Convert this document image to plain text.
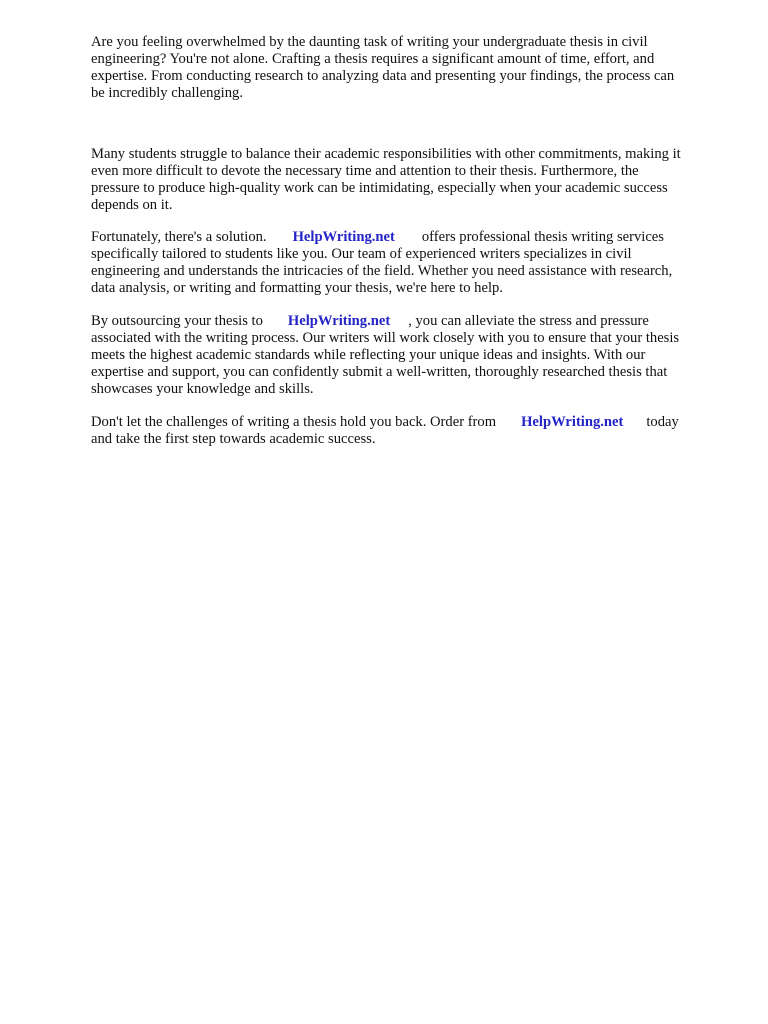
Are you feeling overwhelmed by the daunting task of writing your undergraduate thesis in civil
engineering? You're not alone. Crafting a thesis requires a significant amount of time, effort, and
expertise. From conducting research to analyzing data and presenting your findings, the process can
be incredibly challenging.
Many students struggle to balance their academic responsibilities with other commitments, making it
even more difficult to devote the necessary time and attention to their thesis. Furthermore, the
pressure to produce high-quality work can be intimidating, especially when your academic success
depends on it.
Fortunately, there's a solution. HelpWriting.net offers professional thesis writing services
specifically tailored to students like you. Our team of experienced writers specializes in civil
engineering and understands the intricacies of the field. Whether you need assistance with research,
data analysis, or writing and formatting your thesis, we're here to help.
By outsourcing your thesis to HelpWriting.net , you can alleviate the stress and pressure
associated with the writing process. Our writers will work closely with you to ensure that your thesis
meets the highest academic standards while reflecting your unique ideas and insights. With our
expertise and support, you can confidently submit a well-written, thoroughly researched thesis that
showcases your knowledge and skills.
Don't let the challenges of writing a thesis hold you back. Order from HelpWriting.net today
and take the first step towards academic success.
